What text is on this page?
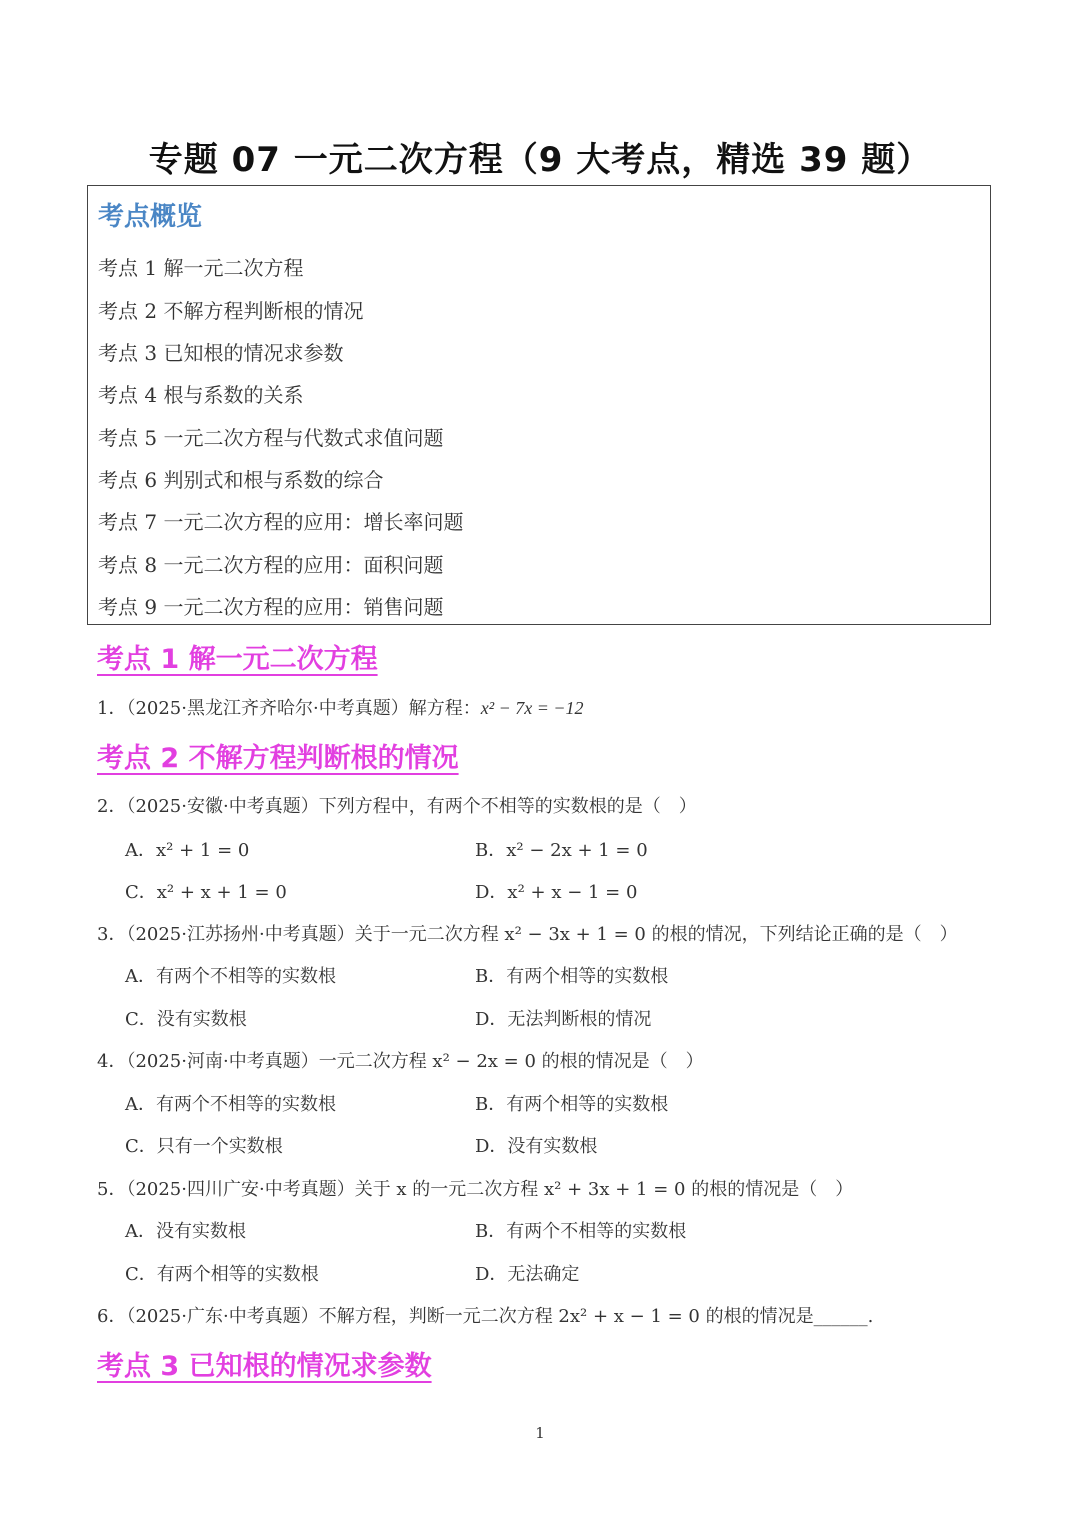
专题 07 一元二次方程（9 大考点，精选 39 题）
考点概览
考点 1 解一元二次方程
考点 2 不解方程判断根的情况
考点 3 已知根的情况求参数
考点 4 根与系数的关系
考点 5 一元二次方程与代数式求值问题
考点 6 判别式和根与系数的综合
考点 7 一元二次方程的应用：增长率问题
考点 8 一元二次方程的应用：面积问题
考点 9 一元二次方程的应用：销售问题
考点 1 解一元二次方程
1．（2025·黑龙江齐齐哈尔·中考真题）解方程：x² − 7x = −12
考点 2 不解方程判断根的情况
2．（2025·安徽·中考真题）下列方程中，有两个不相等的实数根的是（　）
A．x² + 1 = 0	B．x² − 2x + 1 = 0
C．x² + x + 1 = 0	D．x² + x − 1 = 0
3．（2025·江苏扬州·中考真题）关于一元二次方程 x² − 3x + 1 = 0 的根的情况，下列结论正确的是（　）
A．有两个不相等的实数根	B．有两个相等的实数根
C．没有实数根	D．无法判断根的情况
4．（2025·河南·中考真题）一元二次方程 x² − 2x = 0 的根的情况是（　）
A．有两个不相等的实数根	B．有两个相等的实数根
C．只有一个实数根	D．没有实数根
5．（2025·四川广安·中考真题）关于 x 的一元二次方程 x² + 3x + 1 = 0 的根的情况是（　）
A．没有实数根	B．有两个不相等的实数根
C．有两个相等的实数根	D．无法确定
6．（2025·广东·中考真题）不解方程，判断一元二次方程 2x² + x − 1 = 0 的根的情况是______.
考点 3 已知根的情况求参数
1
